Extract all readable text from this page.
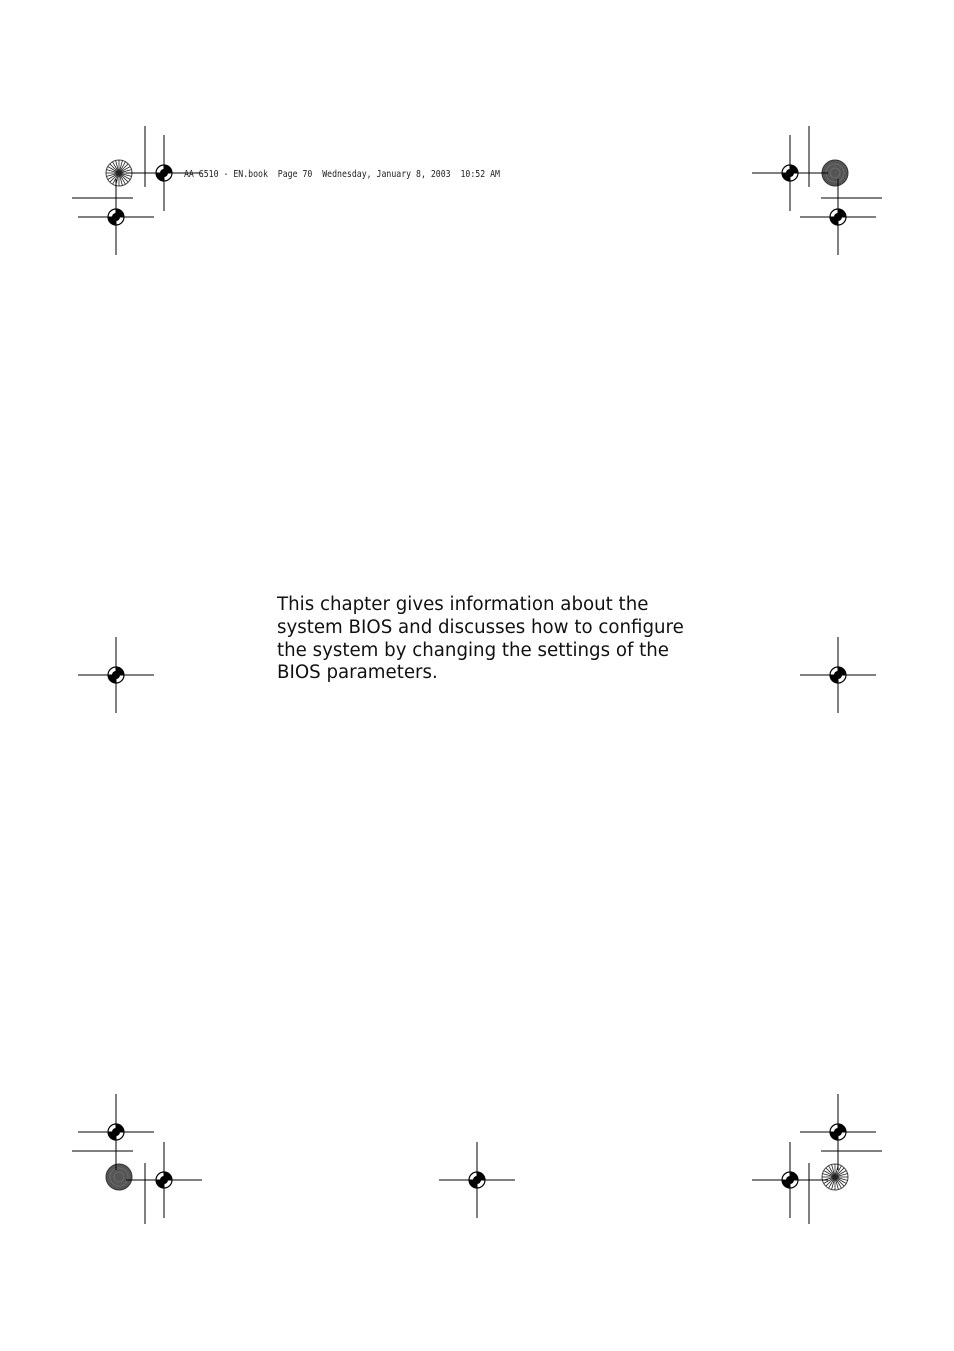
AA G510 - EN.book  Page 70  Wednesday, January 8, 2003  10:52 AM

This chapter gives information about the system BIOS and discusses how to configure the system by changing the settings of the BIOS parameters.
